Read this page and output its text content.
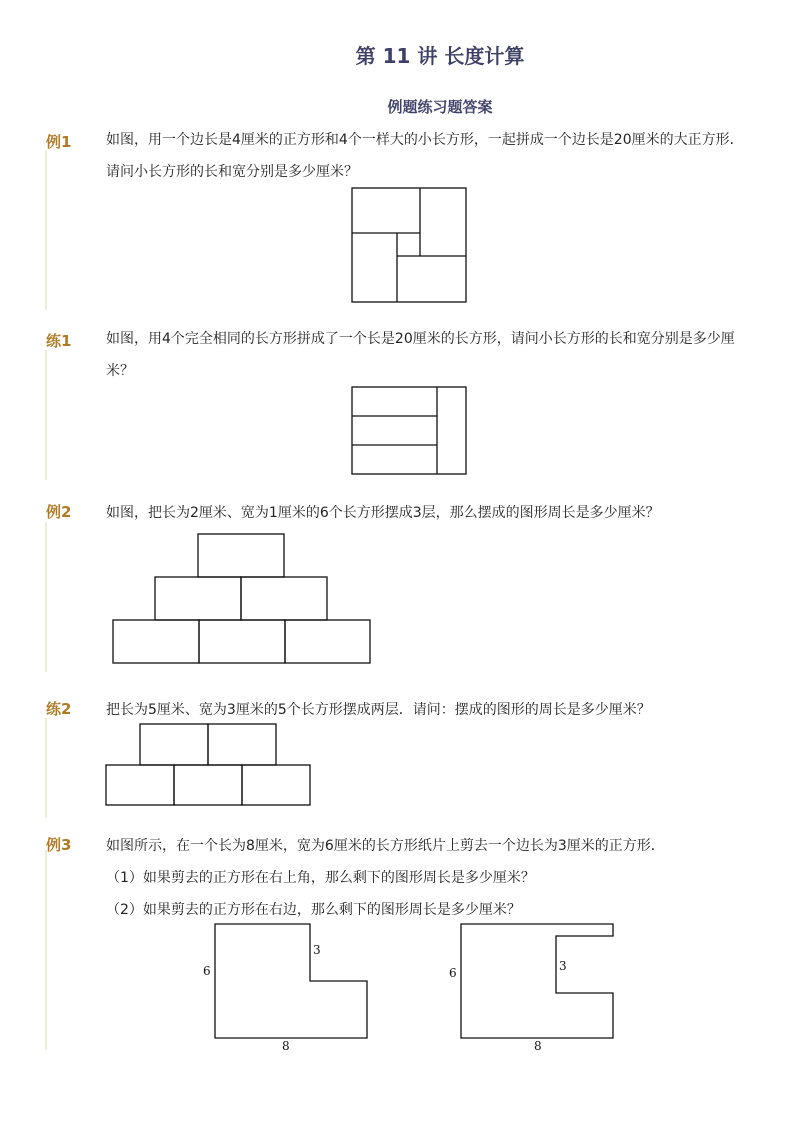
第 11 讲 长度计算
例题练习题答案
例1 如图，用一个边长是4厘米的正方形和4个一样大的小长方形，一起拼成一个边长是20厘米的大正方形．请问小长方形的长和宽分别是多少厘米？
练1 如图，用4个完全相同的长方形拼成了一个长是20厘米的长方形，请问小长方形的长和宽分别是多少厘米？
例2 如图，把长为2厘米、宽为1厘米的6个长方形摆成3层，那么摆成的图形周长是多少厘米？
练2 把长为5厘米、宽为3厘米的5个长方形摆成两层．请问：摆成的图形的周长是多少厘米？
例3 如图所示，在一个长为8厘米，宽为6厘米的长方形纸片上剪去一个边长为3厘米的正方形．
（1）如果剪去的正方形在右上角，那么剩下的图形周长是多少厘米？
（2）如果剪去的正方形在右边，那么剩下的图形周长是多少厘米？
6
3
8
6	3
8
